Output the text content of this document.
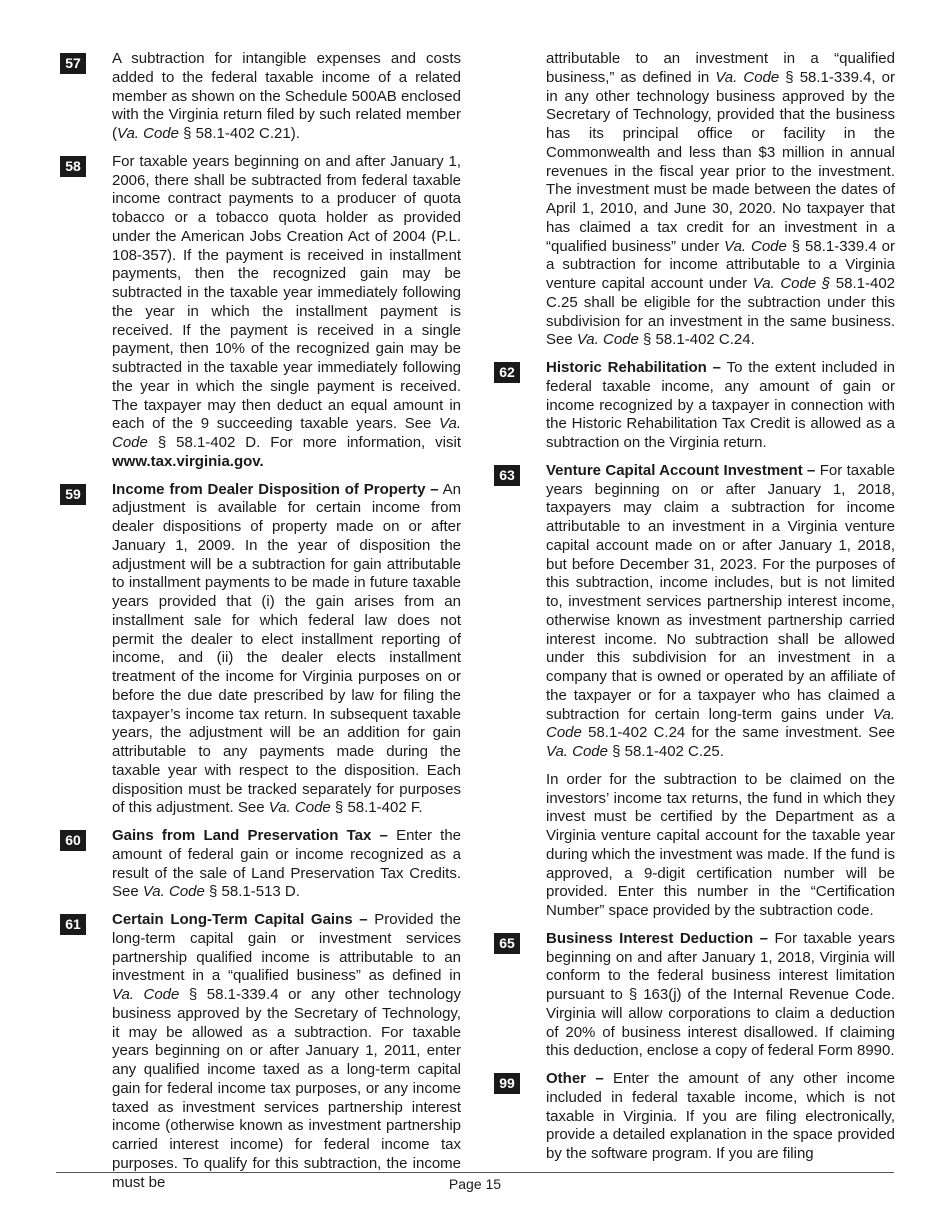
57	A subtraction for intangible expenses and costs added to the federal taxable income of a related member as shown on the Schedule 500AB enclosed with the Virginia return filed by such related member (Va. Code § 58.1-402 C.21).
58	For taxable years beginning on and after January 1, 2006, there shall be subtracted from federal taxable income contract payments to a producer of quota tobacco or a tobacco quota holder as provided under the American Jobs Creation Act of 2004 (P.L. 108-357). If the payment is received in installment payments, then the recognized gain may be subtracted in the taxable year immediately following the year in which the installment payment is received. If the payment is received in a single payment, then 10% of the recognized gain may be subtracted in the taxable year immediately following the year in which the single payment is received. The taxpayer may then deduct an equal amount in each of the 9 succeeding taxable years. See Va. Code § 58.1-402 D. For more information, visit www.tax.virginia.gov.
59	Income from Dealer Disposition of Property – An adjustment is available for certain income from dealer dispositions of property made on or after January 1, 2009. In the year of disposition the adjustment will be a subtraction for gain attributable to installment payments to be made in future taxable years provided that (i) the gain arises from an installment sale for which federal law does not permit the dealer to elect installment reporting of income, and (ii) the dealer elects installment treatment of the income for Virginia purposes on or before the due date prescribed by law for filing the taxpayer’s income tax return. In subsequent taxable years, the adjustment will be an addition for gain attributable to any payments made during the taxable year with respect to the disposition. Each disposition must be tracked separately for purposes of this adjustment. See Va. Code § 58.1-402 F.
60	Gains from Land Preservation Tax – Enter the amount of federal gain or income recognized as a result of the sale of Land Preservation Tax Credits. See Va. Code § 58.1-513 D.
61	Certain Long-Term Capital Gains – Provided the long-term capital gain or investment services partnership qualified income is attributable to an investment in a “qualified business” as defined in Va. Code § 58.1-339.4 or any other technology business approved by the Secretary of Technology, it may be allowed as a subtraction. For taxable years beginning on or after January 1, 2011, enter any qualified income taxed as a long-term capital gain for federal income tax purposes, or any income taxed as investment services partnership interest income (otherwise known as investment partnership carried interest income) for federal income tax purposes. To qualify for this subtraction, the income must be
attributable to an investment in a “qualified business,” as defined in Va. Code § 58.1-339.4, or in any other technology business approved by the Secretary of Technology, provided that the business has its principal office or facility in the Commonwealth and less than $3 million in annual revenues in the fiscal year prior to the investment. The investment must be made between the dates of April 1, 2010, and June 30, 2020. No taxpayer that has claimed a tax credit for an investment in a “qualified business” under Va. Code § 58.1-339.4 or a subtraction for income attributable to a Virginia venture capital account under Va. Code § 58.1-402 C.25 shall be eligible for the subtraction under this subdivision for an investment in the same business. See Va. Code § 58.1-402 C.24.
62	Historic Rehabilitation – To the extent included in federal taxable income, any amount of gain or income recognized by a taxpayer in connection with the Historic Rehabilitation Tax Credit is allowed as a subtraction on the Virginia return.
63	Venture Capital Account Investment – For taxable years beginning on or after January 1, 2018, taxpayers may claim a subtraction for income attributable to an investment in a Virginia venture capital account made on or after January 1, 2018, but before December 31, 2023. For the purposes of this subtraction, income includes, but is not limited to, investment services partnership interest income, otherwise known as investment partnership carried interest income. No subtraction shall be allowed under this subdivision for an investment in a company that is owned or operated by an affiliate of the taxpayer or for a taxpayer who has claimed a subtraction for certain long-term gains under Va. Code 58.1-402 C.24 for the same investment. See Va. Code § 58.1-402 C.25.
In order for the subtraction to be claimed on the investors’ income tax returns, the fund in which they invest must be certified by the Department as a Virginia venture capital account for the taxable year during which the investment was made. If the fund is approved, a 9-digit certification number will be provided. Enter this number in the “Certification Number” space provided by the subtraction code.
65	Business Interest Deduction – For taxable years beginning on and after January 1, 2018, Virginia will conform to the federal business interest limitation pursuant to § 163(j) of the Internal Revenue Code. Virginia will allow corporations to claim a deduction of 20% of business interest disallowed. If claiming this deduction, enclose a copy of federal Form 8990.
99	Other – Enter the amount of any other income included in federal taxable income, which is not taxable in Virginia. If you are filing electronically, provide a detailed explanation in the space provided by the software program. If you are filing
Page 15
